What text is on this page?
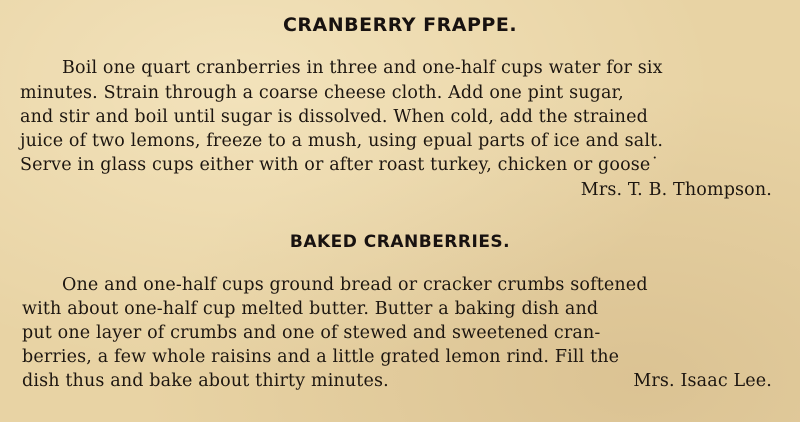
CRANBERRY FRAPPE.
Boil one quart cranberries in three and one-half cups water for six
minutes. Strain through a coarse cheese cloth. Add one pint sugar,
and stir and boil until sugar is dissolved. When cold, add the strained
juice of two lemons, freeze to a mush, using epual parts of ice and salt.
Serve in glass cups either with or after roast turkey, chicken or goose˙
Mrs. T. B. Thompson.
BAKED CRANBERRIES.
One and one-half cups ground bread or cracker crumbs softened
with about one-half cup melted butter. Butter a baking dish and
put one layer of crumbs and one of stewed and sweetened cran-
berries, a few whole raisins and a little grated lemon rind. Fill the
dish thus and bake about thirty minutes.	Mrs. Isaac Lee.
